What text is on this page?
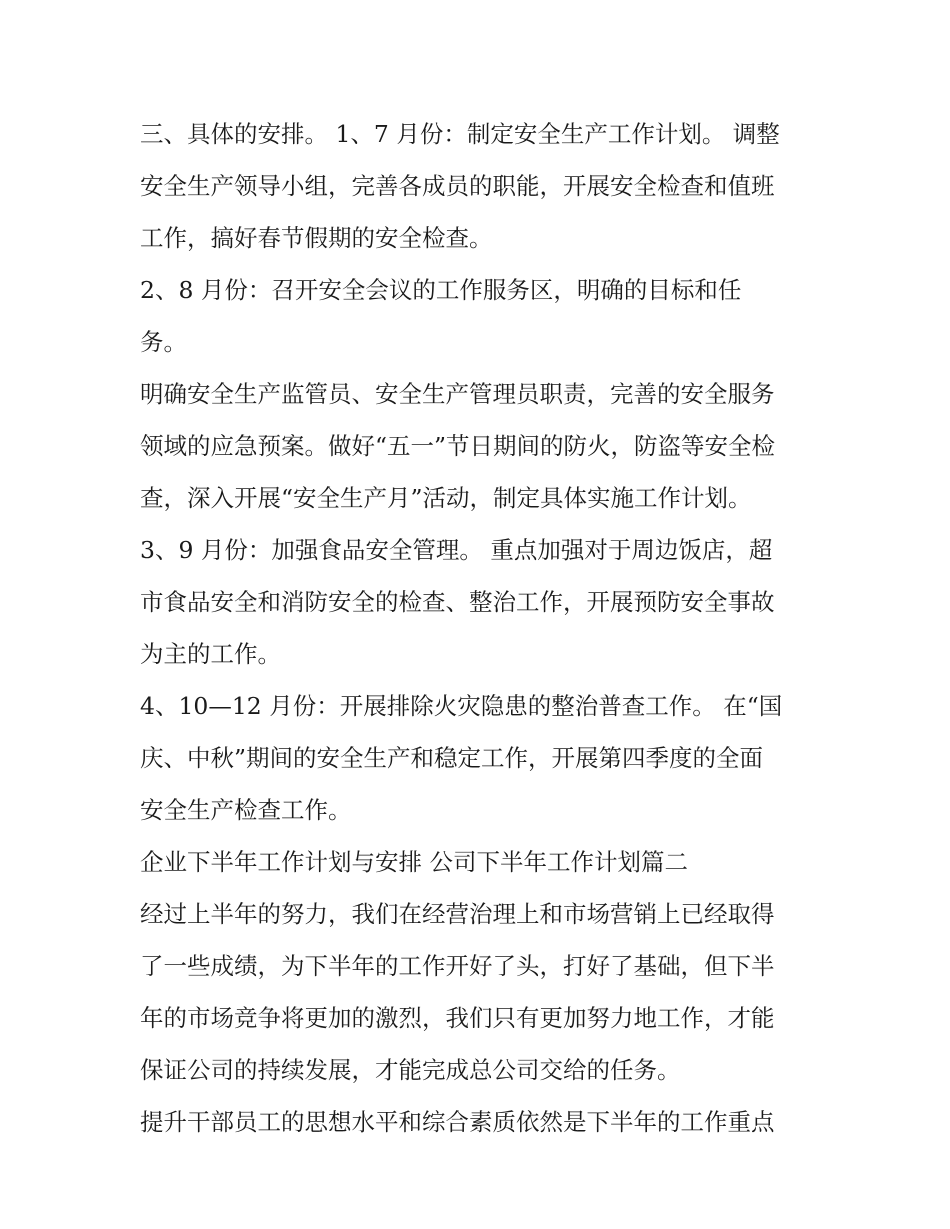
三、具体的安排。 1、7 月份：制定安全生产工作计划。 调整
安全生产领导小组，完善各成员的职能，开展安全检查和值班
工作，搞好春节假期的安全检查。
2、8 月份：召开安全会议的工作服务区，明确的目标和任
务。
明确安全生产监管员、安全生产管理员职责，完善的安全服务
领域的应急预案。做好“五一”节日期间的防火，防盗等安全检
查，深入开展“安全生产月”活动，制定具体实施工作计划。
3、9 月份：加强食品安全管理。 重点加强对于周边饭店，超
市食品安全和消防安全的检查、整治工作，开展预防安全事故
为主的工作。
4、10—12 月份：开展排除火灾隐患的整治普查工作。 在“国
庆、中秋”期间的安全生产和稳定工作，开展第四季度的全面
安全生产检查工作。
企业下半年工作计划与安排 公司下半年工作计划篇二
经过上半年的努力，我们在经营治理上和市场营销上已经取得
了一些成绩，为下半年的工作开好了头，打好了基础，但下半
年的市场竞争将更加的激烈，我们只有更加努力地工作，才能
保证公司的持续发展，才能完成总公司交给的任务。
提升干部员工的思想水平和综合素质依然是下半年的工作重点
